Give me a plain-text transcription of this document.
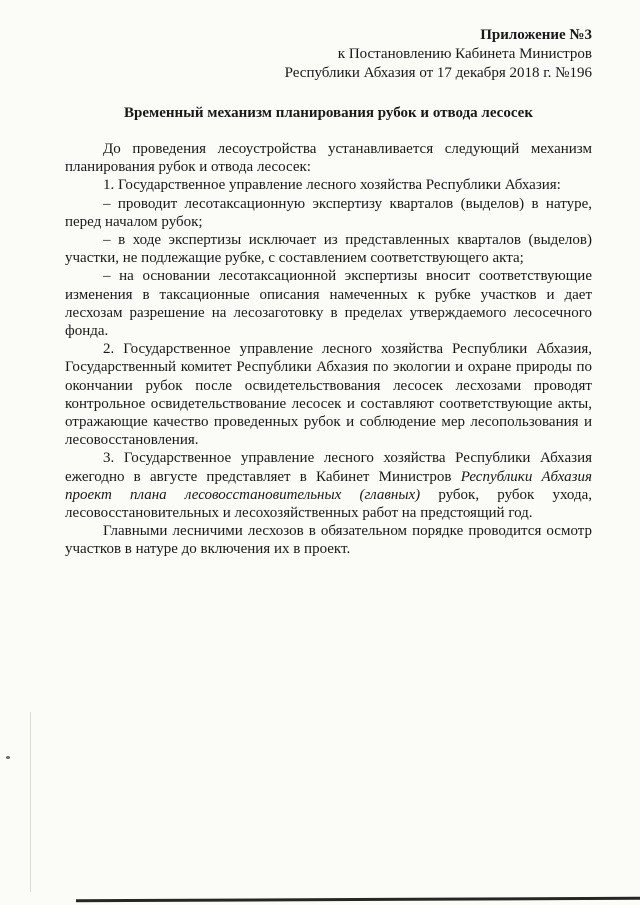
Приложение №3
к Постановлению Кабинета Министров
Республики Абхазия от 17 декабря 2018 г. №196
Временный механизм планирования рубок и отвода лесосек

До проведения лесоустройства устанавливается следующий механизм планирования рубок и отвода лесосек:

1. Государственное управление лесного хозяйства Республики Абхазия:

– проводит лесотаксационную экспертизу кварталов (выделов) в натуре, перед началом рубок;

– в ходе экспертизы исключает из представленных кварталов (выделов) участки, не подлежащие рубке, с составлением соответствующего акта;

– на основании лесотаксационной экспертизы вносит соответствующие изменения в таксационные описания намеченных к рубке участков и дает лесхозам разрешение на лесозаготовку в пределах утверждаемого лесосечного фонда.

2. Государственное управление лесного хозяйства Республики Абхазия, Государственный комитет Республики Абхазия по экологии и охране природы по окончании рубок после освидетельствования лесосек лесхозами проводят контрольное освидетельствование лесосек и составляют соответствующие акты, отражающие качество проведенных рубок и соблюдение мер лесопользования и лесовосстановления.

3. Государственное управление лесного хозяйства Республики Абхазия ежегодно в августе представляет в Кабинет Министров Республики Абхазия проект плана лесовосстановительных (главных) рубок, рубок ухода, лесовосстановительных и лесохозяйственных работ на предстоящий год.

Главными лесничими лесхозов в обязательном порядке проводится осмотр участков в натуре до включения их в проект.
